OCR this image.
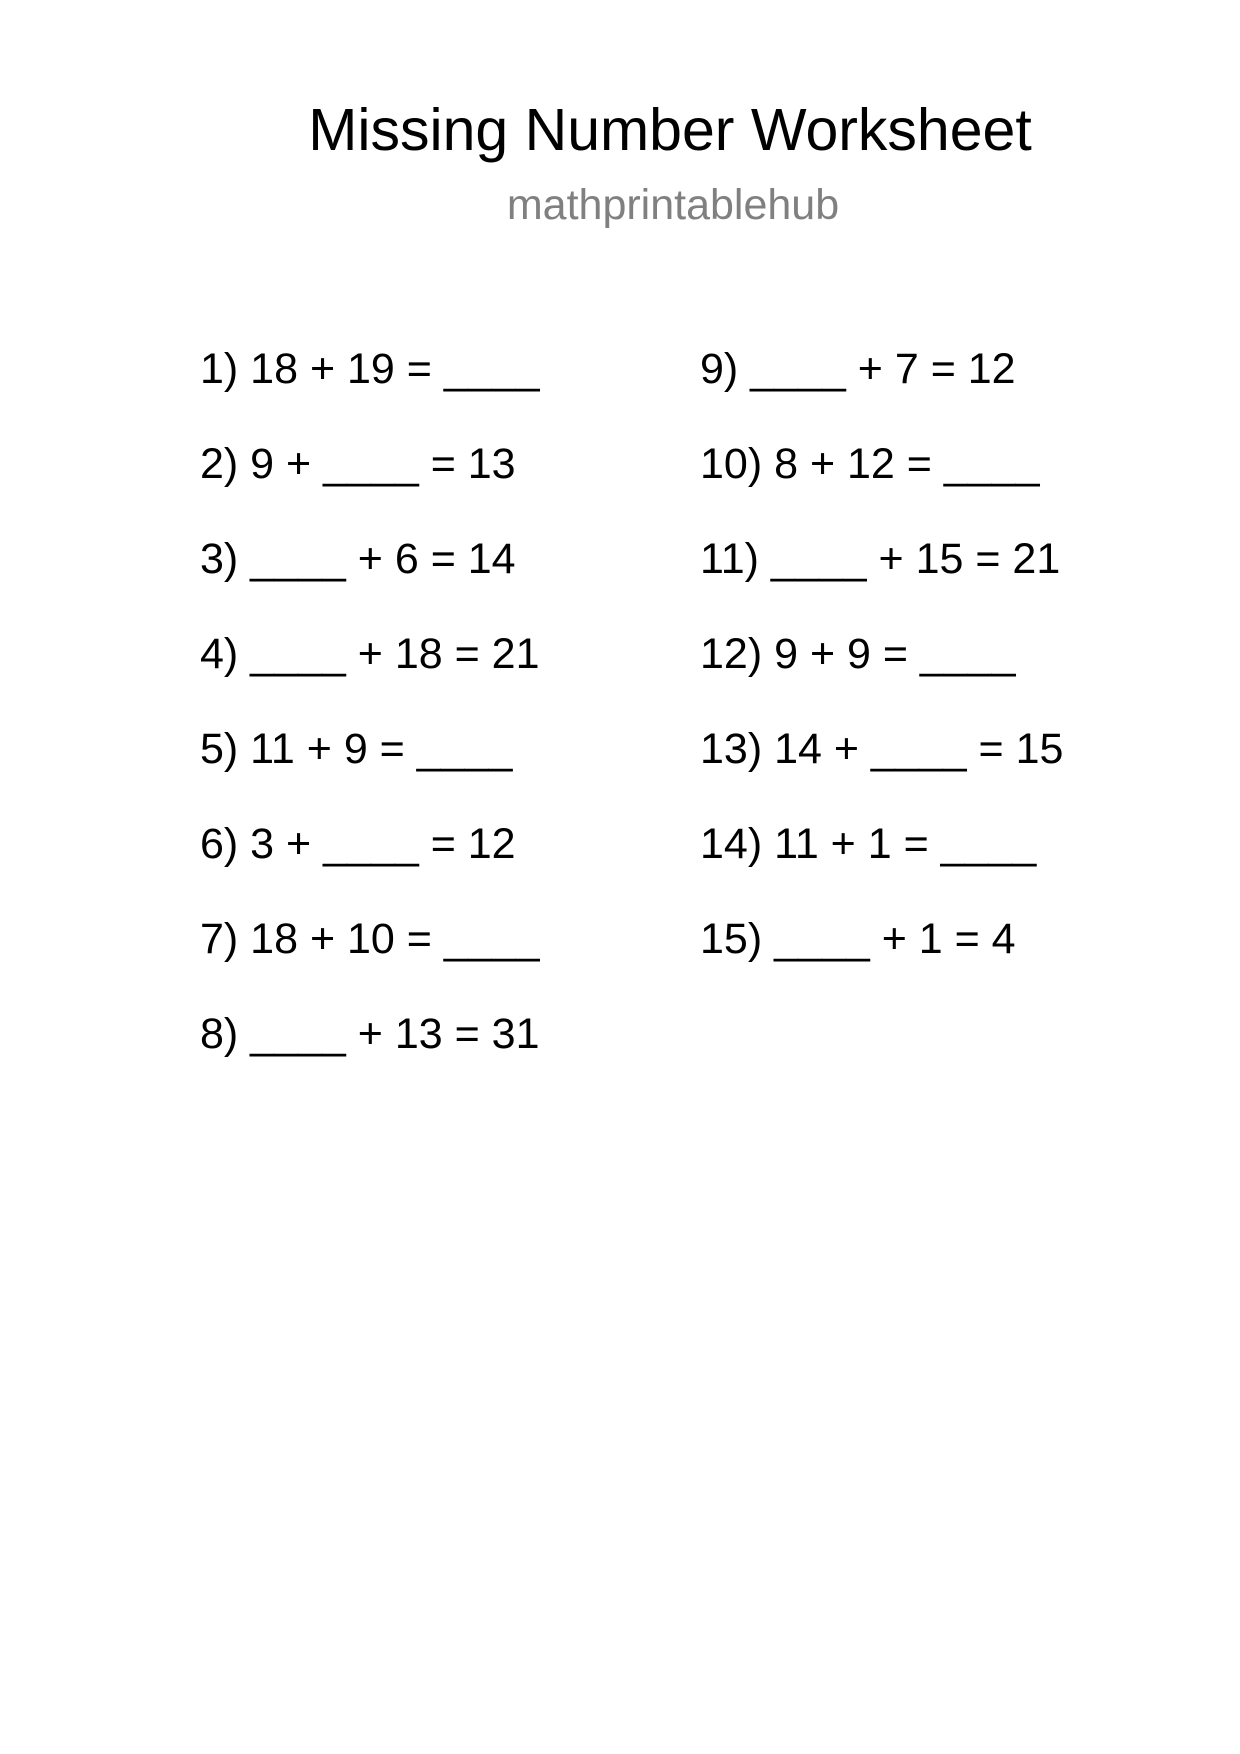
Missing Number Worksheet
mathprintablehub
1) 18 + 19 = ____
2) 9 + ____ = 13
3) ____ + 6 = 14
4) ____ + 18 = 21
5) 11 + 9 = ____
6) 3 + ____ = 12
7) 18 + 10 = ____
8) ____ + 13 = 31
9) ____ + 7 = 12
10) 8 + 12 = ____
11) ____ + 15 = 21
12) 9 + 9 = ____
13) 14 + ____ = 15
14) 11 + 1 = ____
15) ____ + 1 = 4
